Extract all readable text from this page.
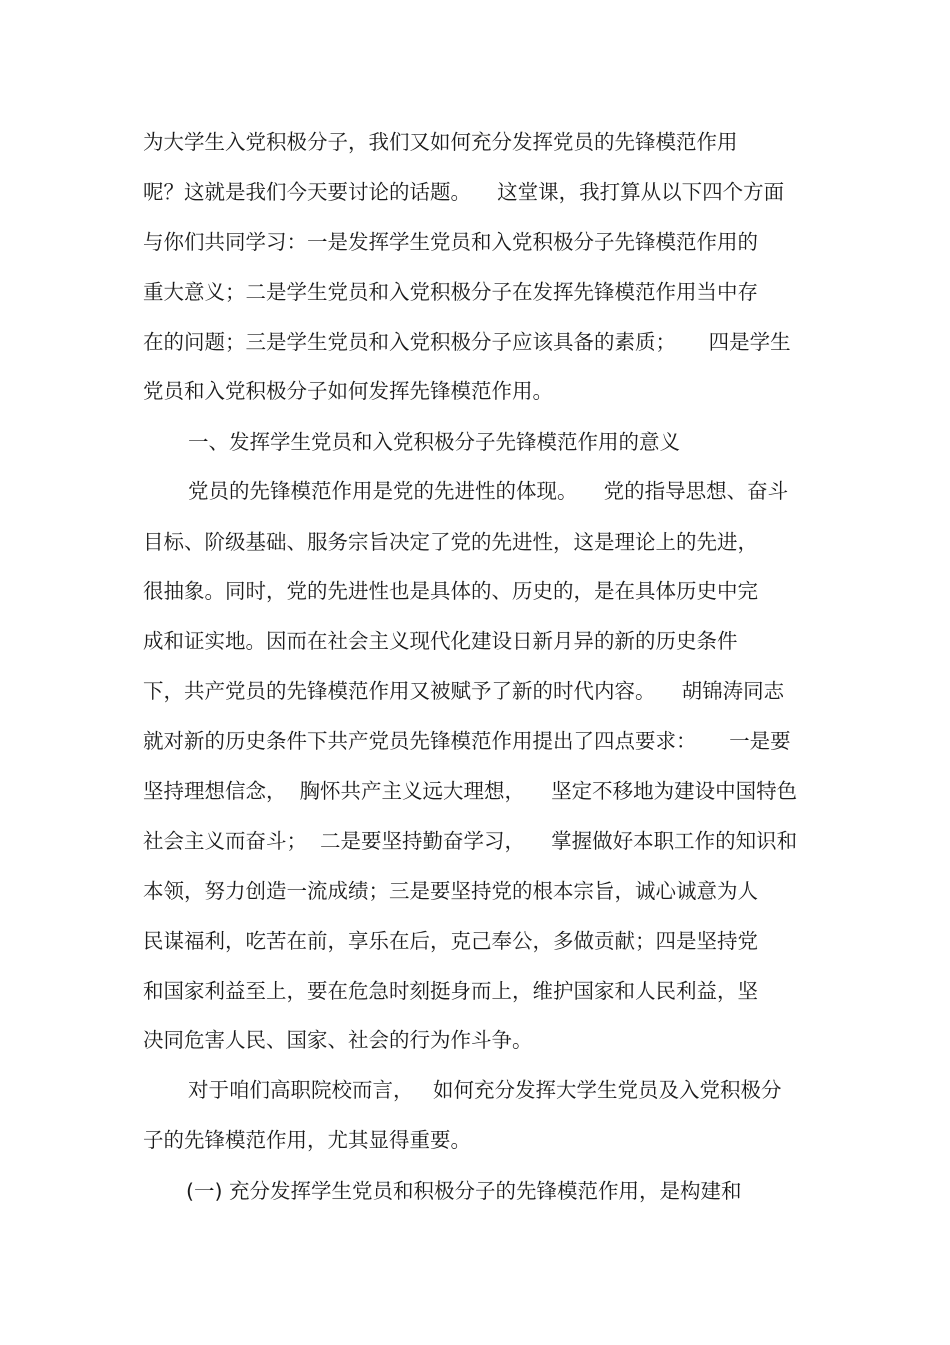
为大学生入党积极分子，我们又如何充分发挥党员的先锋模范作用
呢？这就是我们今天要讨论的话题。    这堂课，我打算从以下四个方面
与你们共同学习：一是发挥学生党员和入党积极分子先锋模范作用的
重大意义；二是学生党员和入党积极分子在发挥先锋模范作用当中存
在的问题；三是学生党员和入党积极分子应该具备的素质；     四是学生
党员和入党积极分子如何发挥先锋模范作用。
一、发挥学生党员和入党积极分子先锋模范作用的意义
党员的先锋模范作用是党的先进性的体现。    党的指导思想、奋斗
目标、阶级基础、服务宗旨决定了党的先进性，这是理论上的先进，
很抽象。同时，党的先进性也是具体的、历史的，是在具体历史中完
成和证实地。因而在社会主义现代化建设日新月异的新的历史条件
下，共产党员的先锋模范作用又被赋予了新的时代内容。    胡锦涛同志
就对新的历史条件下共产党员先锋模范作用提出了四点要求：     一是要
坚持理想信念，  胸怀共产主义远大理想，    坚定不移地为建设中国特色
社会主义而奋斗；  二是要坚持勤奋学习，    掌握做好本职工作的知识和
本领，努力创造一流成绩；三是要坚持党的根本宗旨，诚心诚意为人
民谋福利，吃苦在前，享乐在后，克己奉公，多做贡献；四是坚持党
和国家利益至上，要在危急时刻挺身而上，维护国家和人民利益，坚
决同危害人民、国家、社会的行为作斗争。
对于咱们高职院校而言，   如何充分发挥大学生党员及入党积极分
子的先锋模范作用，尤其显得重要。
(一) 充分发挥学生党员和积极分子的先锋模范作用，是构建和
